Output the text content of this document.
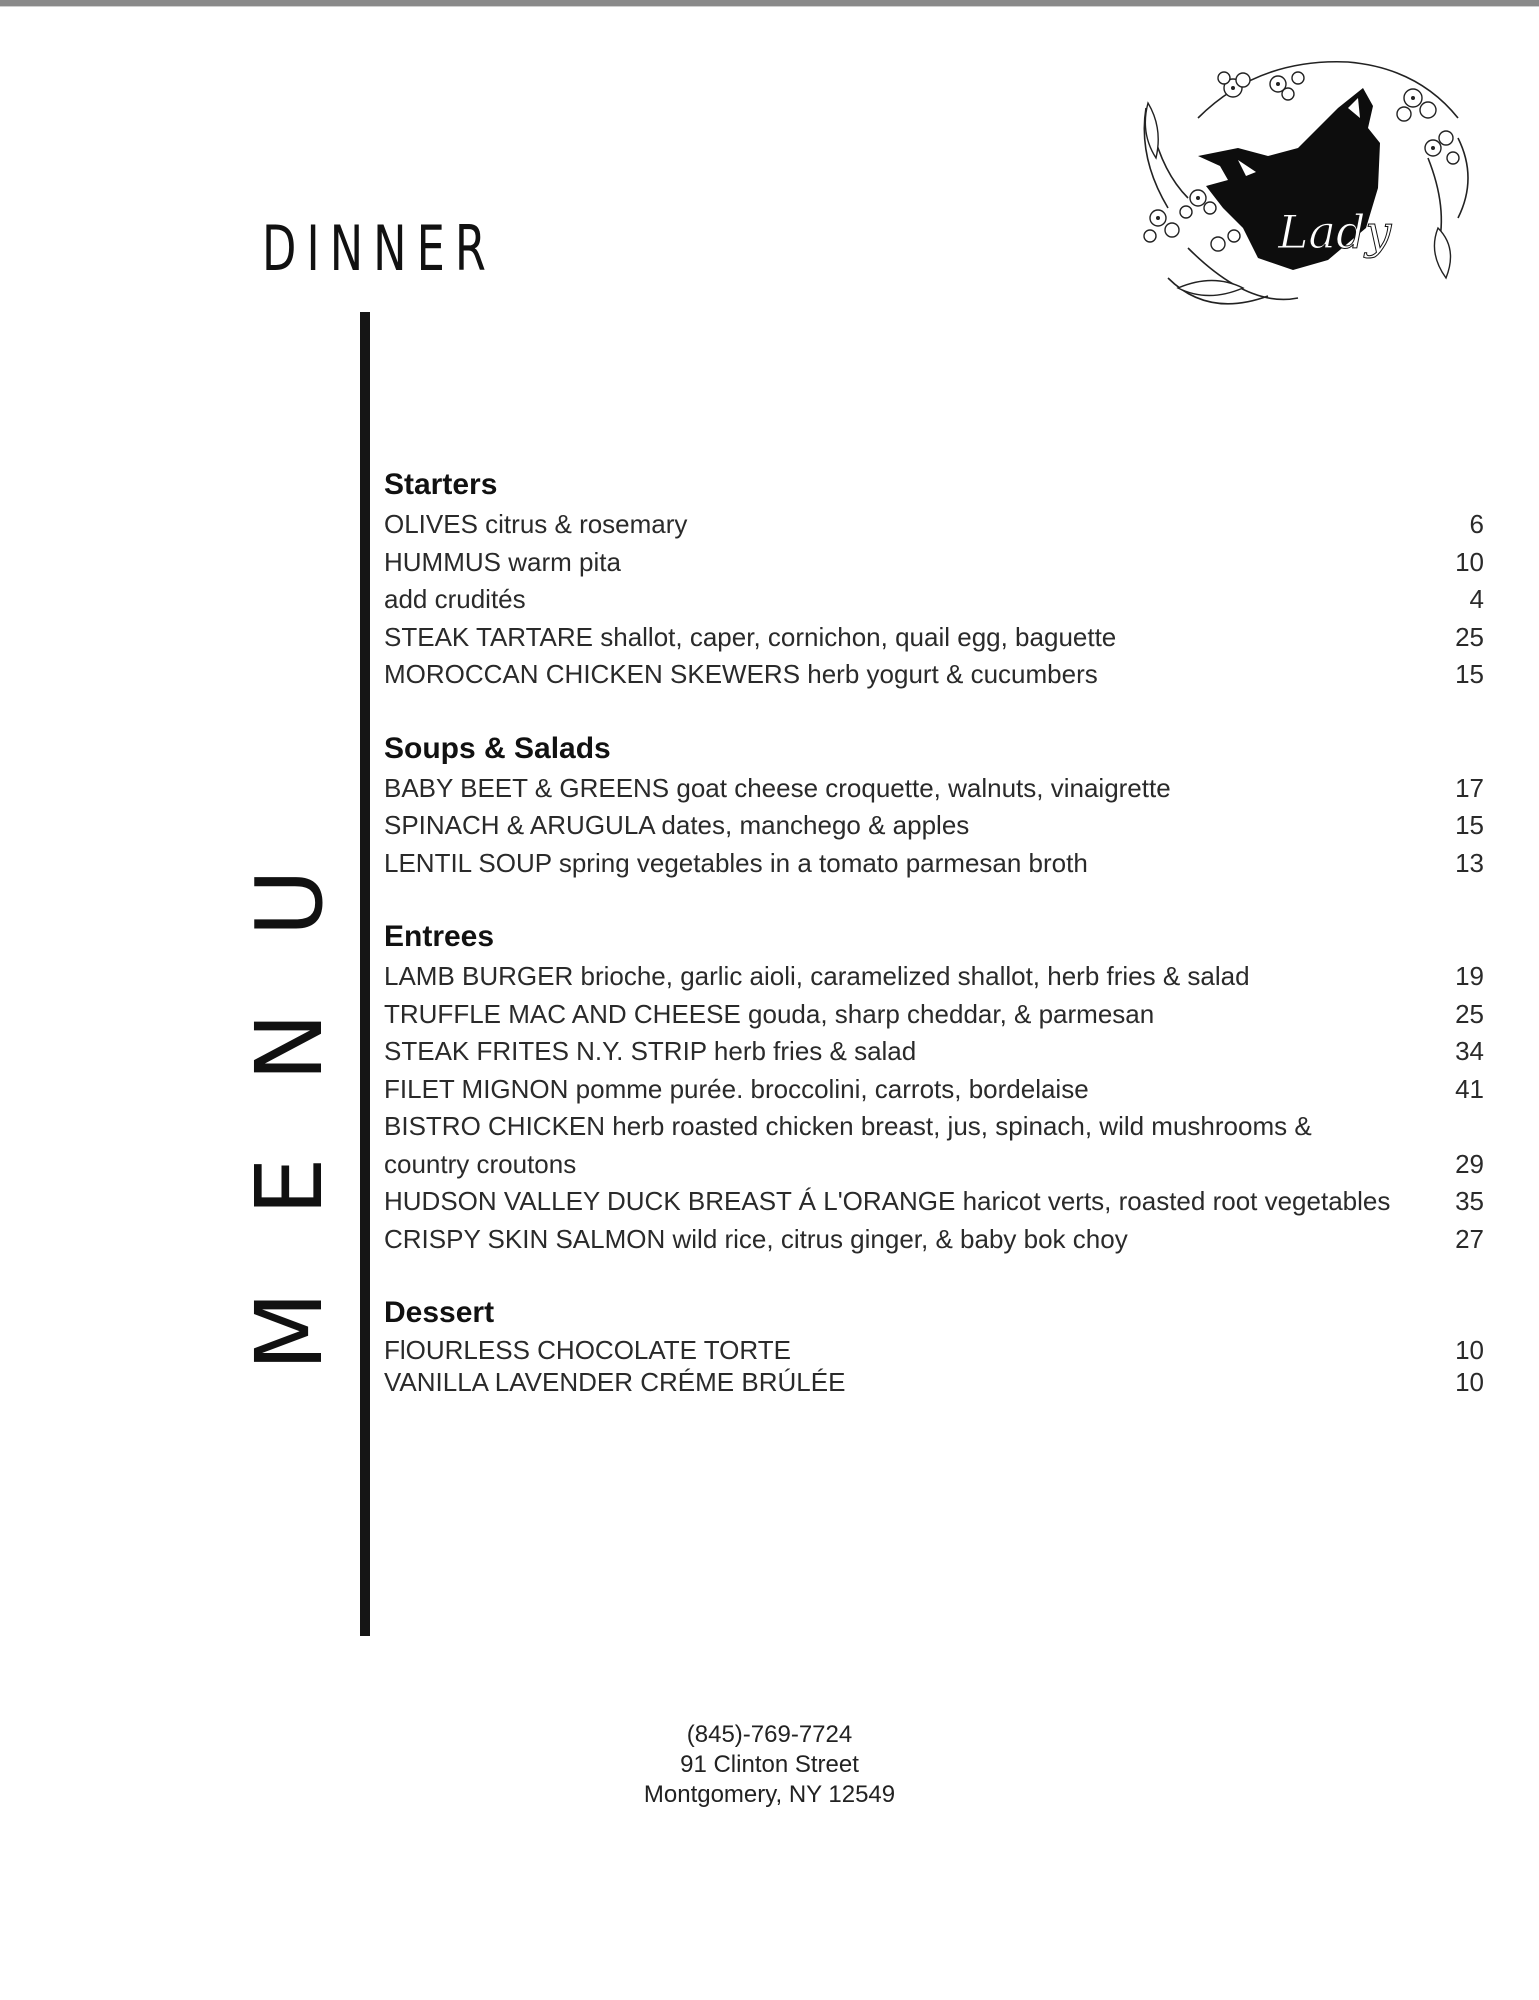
DINNER
MENU
Lady
Starters
OLIVES citrus & rosemary	6
HUMMUS warm pita	10
add crudités	4
STEAK TARTARE shallot, caper, cornichon, quail egg, baguette	25
MOROCCAN CHICKEN SKEWERS herb yogurt & cucumbers	15
Soups & Salads
BABY BEET & GREENS goat cheese croquette, walnuts, vinaigrette	17
SPINACH & ARUGULA dates, manchego & apples	15
LENTIL SOUP spring vegetables in a tomato parmesan broth	13
Entrees
LAMB BURGER brioche, garlic aioli, caramelized shallot, herb fries & salad	19
TRUFFLE MAC AND CHEESE gouda, sharp cheddar, & parmesan	25
STEAK FRITES N.Y. STRIP herb fries & salad	34
FILET MIGNON pomme purée. broccolini, carrots, bordelaise	41
BISTRO CHICKEN herb roasted chicken breast, jus, spinach, wild mushrooms & country croutons	29
HUDSON VALLEY DUCK BREAST Á L'ORANGE haricot verts, roasted root vegetables	35
CRISPY SKIN SALMON wild rice, citrus ginger, & baby bok choy	27
Dessert
FlOURLESS CHOCOLATE TORTE	10
VANILLA LAVENDER CRÉME BRÚLÉE	10
(845)-769-7724
91 Clinton Street
Montgomery, NY 12549
